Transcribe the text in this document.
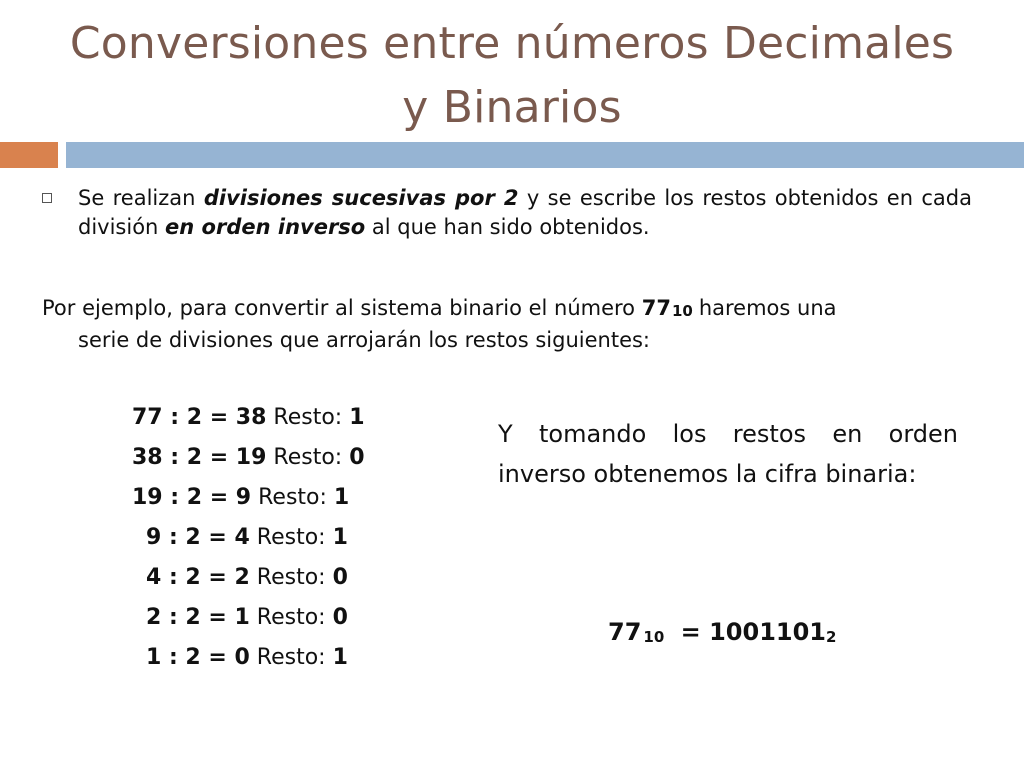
Conversiones entre números Decimales
y Binarios
Se realizan divisiones sucesivas por 2 y se escribe los restos obtenidos en cada división en orden inverso al que han sido obtenidos.
Por ejemplo, para convertir al sistema binario el número $77_{10}$ haremos una
serie de divisiones que arrojarán los restos siguientes:
77 : 2 = 38 Resto: 1
38 : 2 = 19 Resto: 0
19 : 2 = 9 Resto: 1
9 : 2 = 4 Resto: 1
4 : 2 = 2 Resto: 0
2 : 2 = 1 Resto: 0
1 : 2 = 0 Resto: 1
Y tomando los restos en orden inverso obtenemos la cifra binaria:
77 $_{10} = 1001101_2$
